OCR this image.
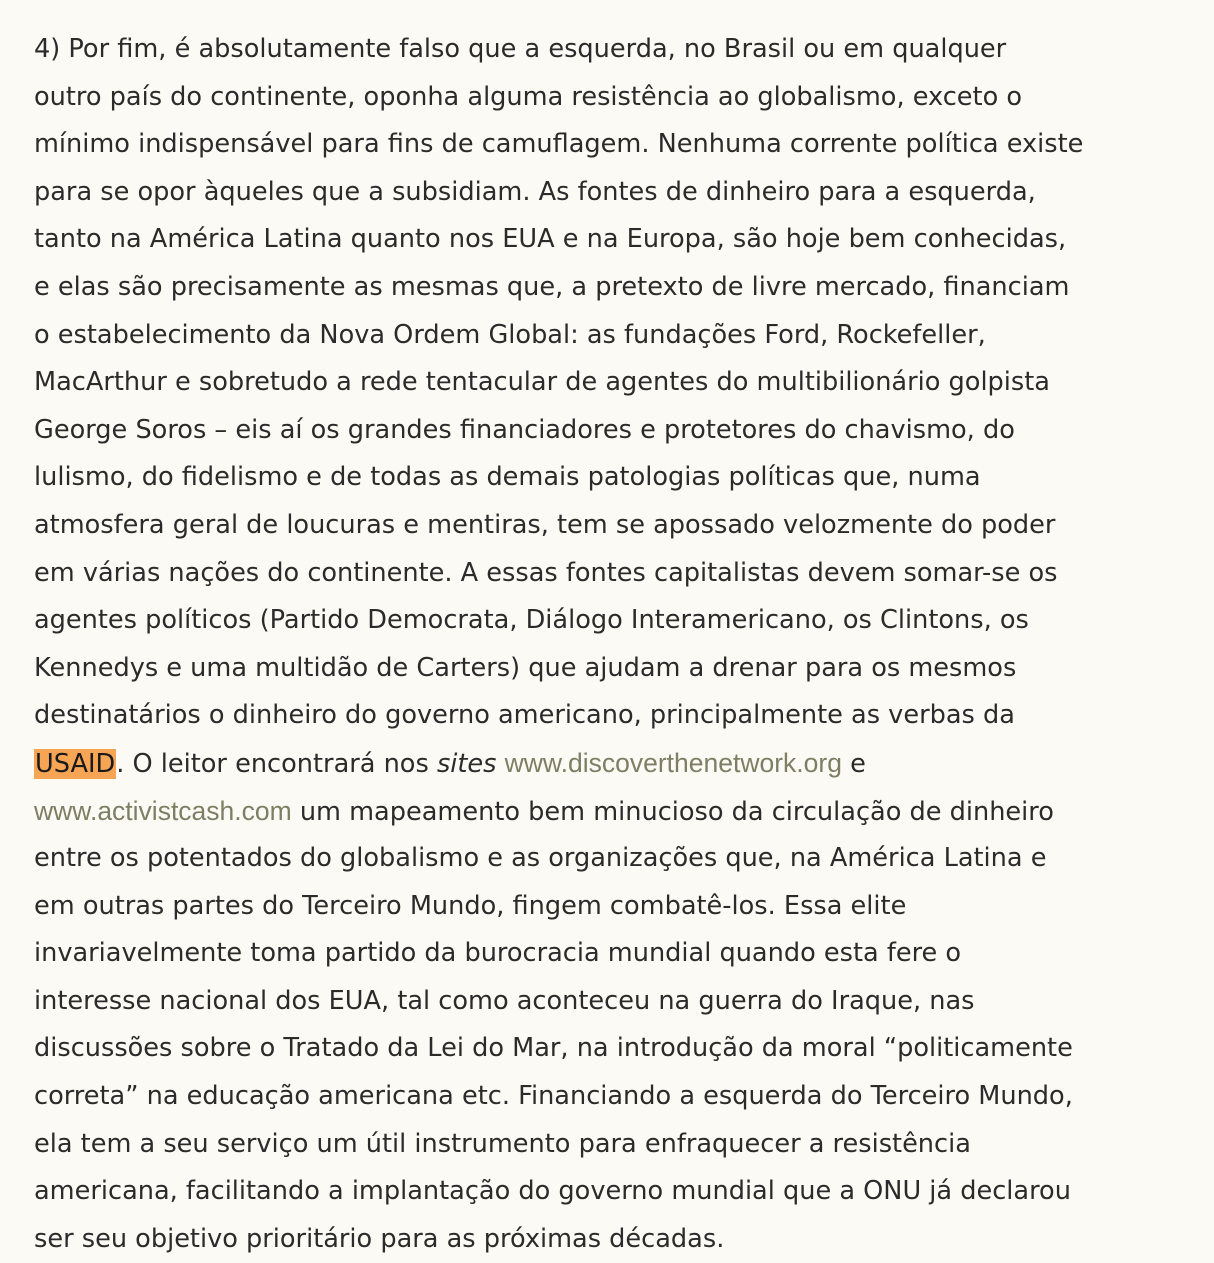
4) Por fim, é absolutamente falso que a esquerda, no Brasil ou em qualquer
outro país do continente, oponha alguma resistência ao globalismo, exceto o
mínimo indispensável para fins de camuflagem. Nenhuma corrente política existe
para se opor àqueles que a subsidiam. As fontes de dinheiro para a esquerda,
tanto na América Latina quanto nos EUA e na Europa, são hoje bem conhecidas,
e elas são precisamente as mesmas que, a pretexto de livre mercado, financiam
o estabelecimento da Nova Ordem Global: as fundações Ford, Rockefeller,
MacArthur e sobretudo a rede tentacular de agentes do multibilionário golpista
George Soros – eis aí os grandes financiadores e protetores do chavismo, do
lulismo, do fidelismo e de todas as demais patologias políticas que, numa
atmosfera geral de loucuras e mentiras, tem se apossado velozmente do poder
em várias nações do continente. A essas fontes capitalistas devem somar-se os
agentes políticos (Partido Democrata, Diálogo Interamericano, os Clintons, os
Kennedys e uma multidão de Carters) que ajudam a drenar para os mesmos
destinatários o dinheiro do governo americano, principalmente as verbas da
USAID. O leitor encontrará nos sites www.discoverthenetwork.org e
www.activistcash.com um mapeamento bem minucioso da circulação de dinheiro
entre os potentados do globalismo e as organizações que, na América Latina e
em outras partes do Terceiro Mundo, fingem combatê-los. Essa elite
invariavelmente toma partido da burocracia mundial quando esta fere o
interesse nacional dos EUA, tal como aconteceu na guerra do Iraque, nas
discussões sobre o Tratado da Lei do Mar, na introdução da moral “politicamente
correta” na educação americana etc. Financiando a esquerda do Terceiro Mundo,
ela tem a seu serviço um útil instrumento para enfraquecer a resistência
americana, facilitando a implantação do governo mundial que a ONU já declarou
ser seu objetivo prioritário para as próximas décadas.
